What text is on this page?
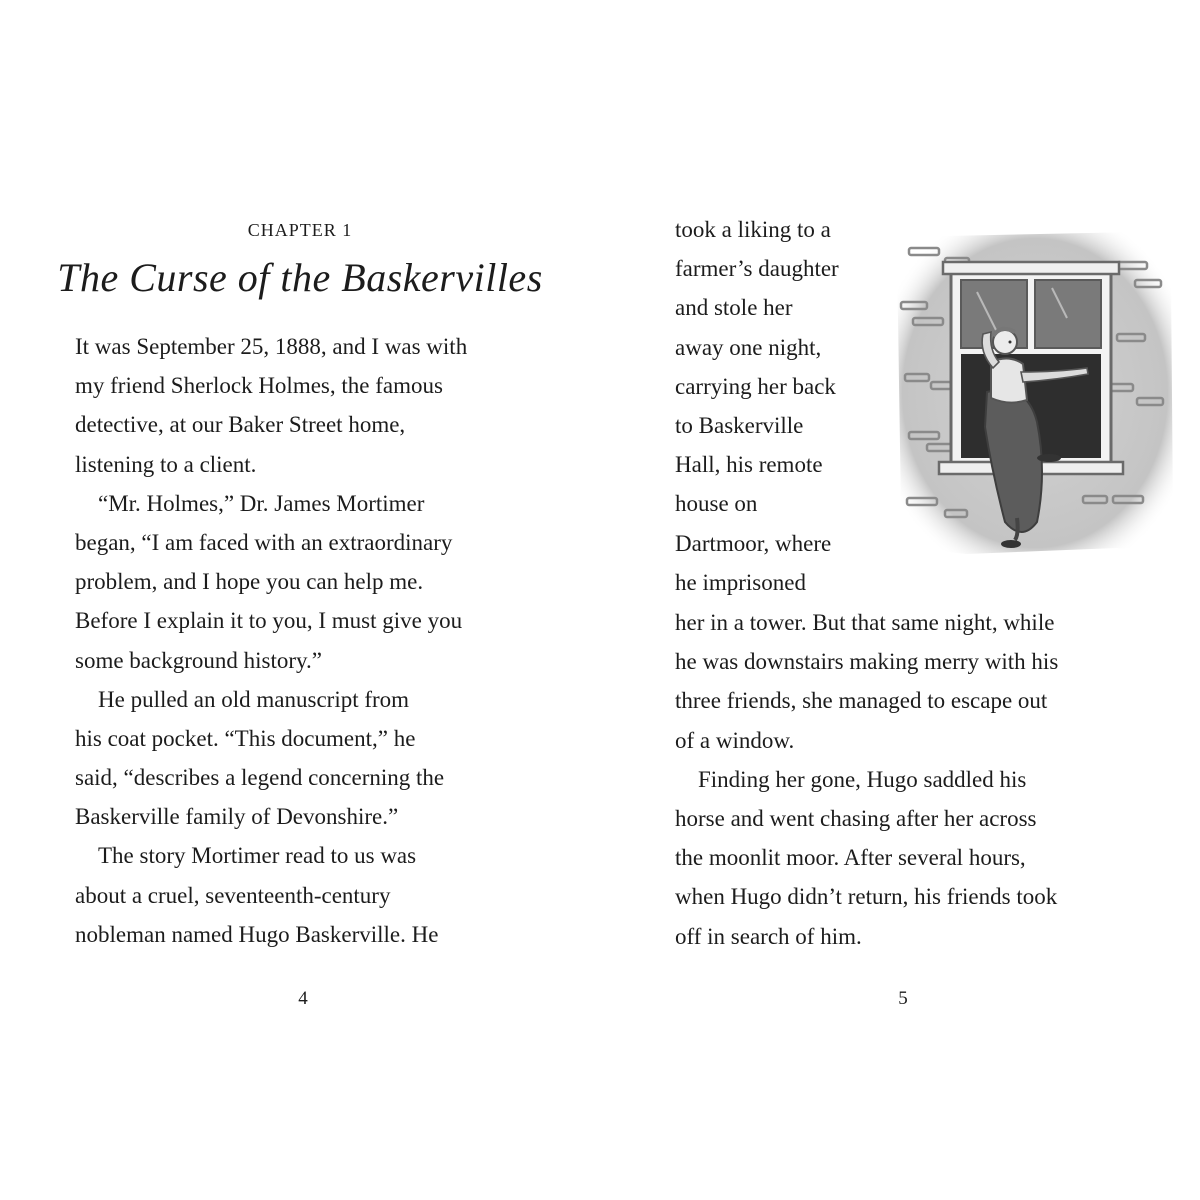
CHAPTER 1
The Curse of the Baskervilles
It was September 25, 1888, and I was with
my friend Sherlock Holmes, the famous
detective, at our Baker Street home,
listening to a client.
“Mr. Holmes,” Dr. James Mortimer
began, “I am faced with an extraordinary
problem, and I hope you can help me.
Before I explain it to you, I must give you
some background history.”
He pulled an old manuscript from
his coat pocket. “This document,” he
said, “describes a legend concerning the
Baskerville family of Devonshire.”
The story Mortimer read to us was
about a cruel, seventeenth-century
nobleman named Hugo Baskerville. He
4
took a liking to a
farmer’s daughter
and stole her
away one night,
carrying her back
to Baskerville
Hall, his remote
house on
Dartmoor, where
he imprisoned
her in a tower. But that same night, while
he was downstairs making merry with his
three friends, she managed to escape out
of a window.
Finding her gone, Hugo saddled his
horse and went chasing after her across
the moonlit moor. After several hours,
when Hugo didn’t return, his friends took
off in search of him.
5
